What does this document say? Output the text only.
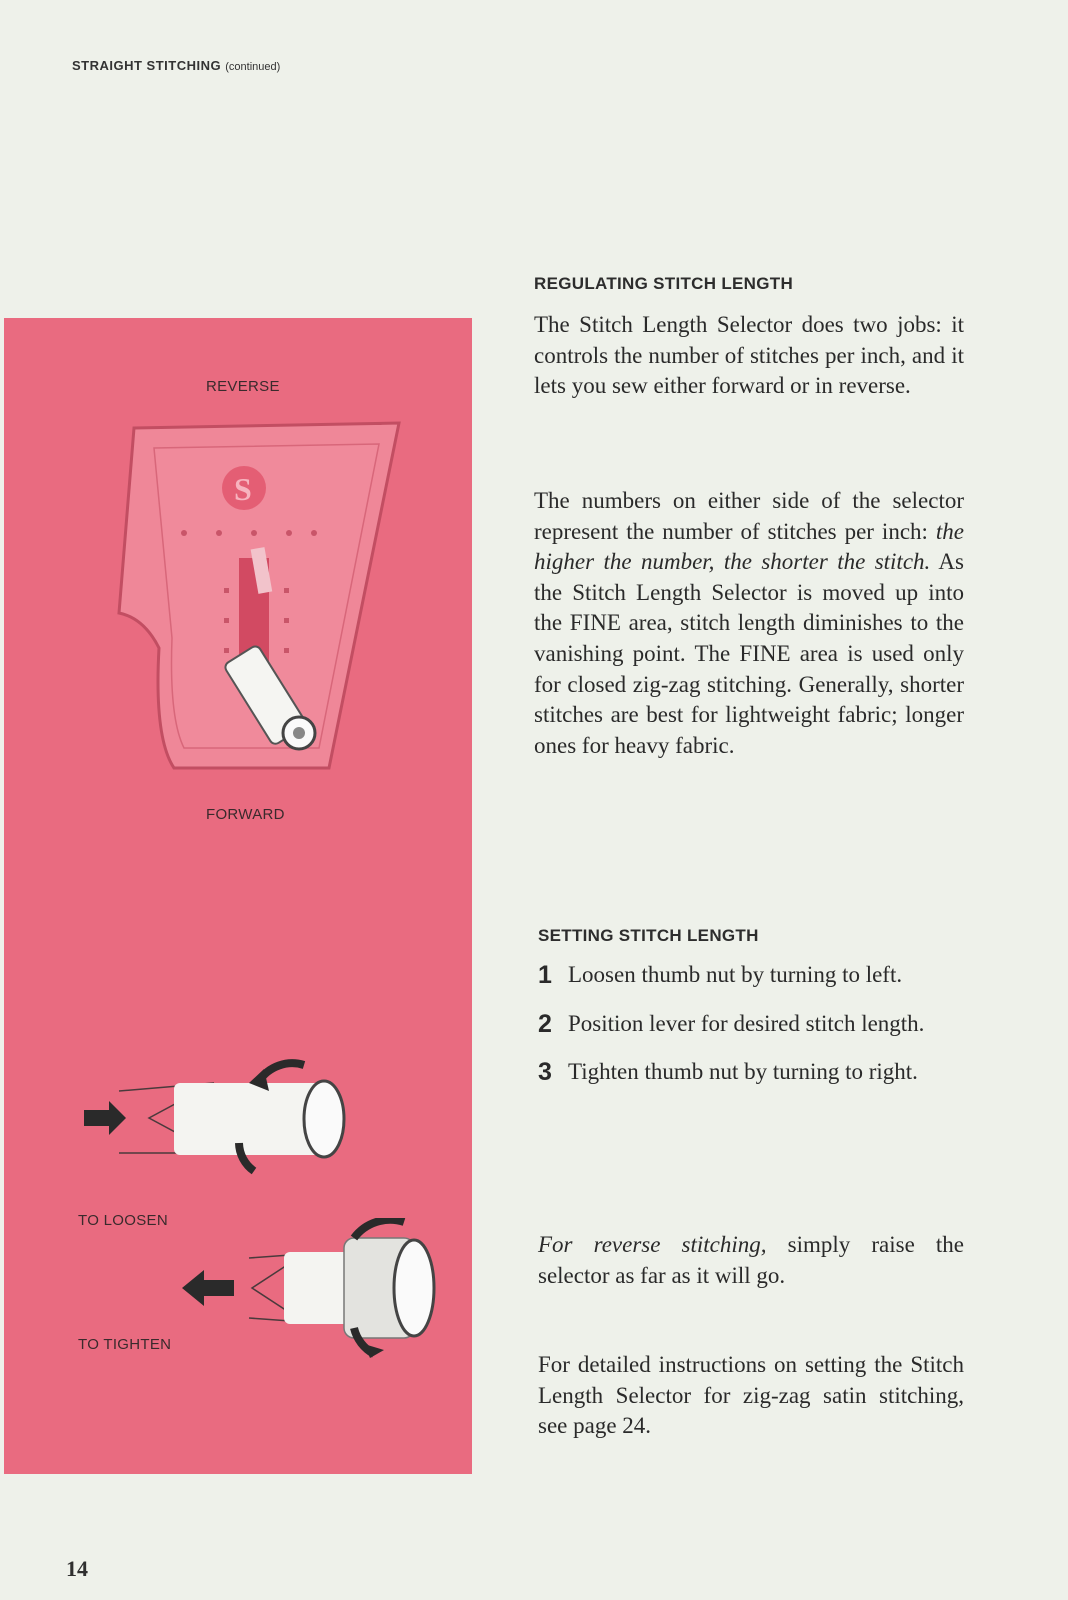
STRAIGHT STITCHING (continued)
REVERSE
S
FORWARD
TO LOOSEN
TO TIGHTEN
REGULATING STITCH LENGTH

The Stitch Length Selector does two jobs: it controls the number of stitches per inch, and it lets you sew either forward or in reverse.

The numbers on either side of the selector represent the number of stitches per inch: the higher the number, the shorter the stitch. As the Stitch Length Selector is moved up into the FINE area, stitch length diminishes to the vanishing point. The FINE area is used only for closed zig-zag stitching. Generally, shorter stitches are best for lightweight fabric; longer ones for heavy fabric.

SETTING STITCH LENGTH
1 Loosen thumb nut by turning to left.
2 Position lever for desired stitch length.
3 Tighten thumb nut by turning to right.

For reverse stitching, simply raise the selector as far as it will go.

For detailed instructions on setting the Stitch Length Selector for zig-zag satin stitching, see page 24.

14
